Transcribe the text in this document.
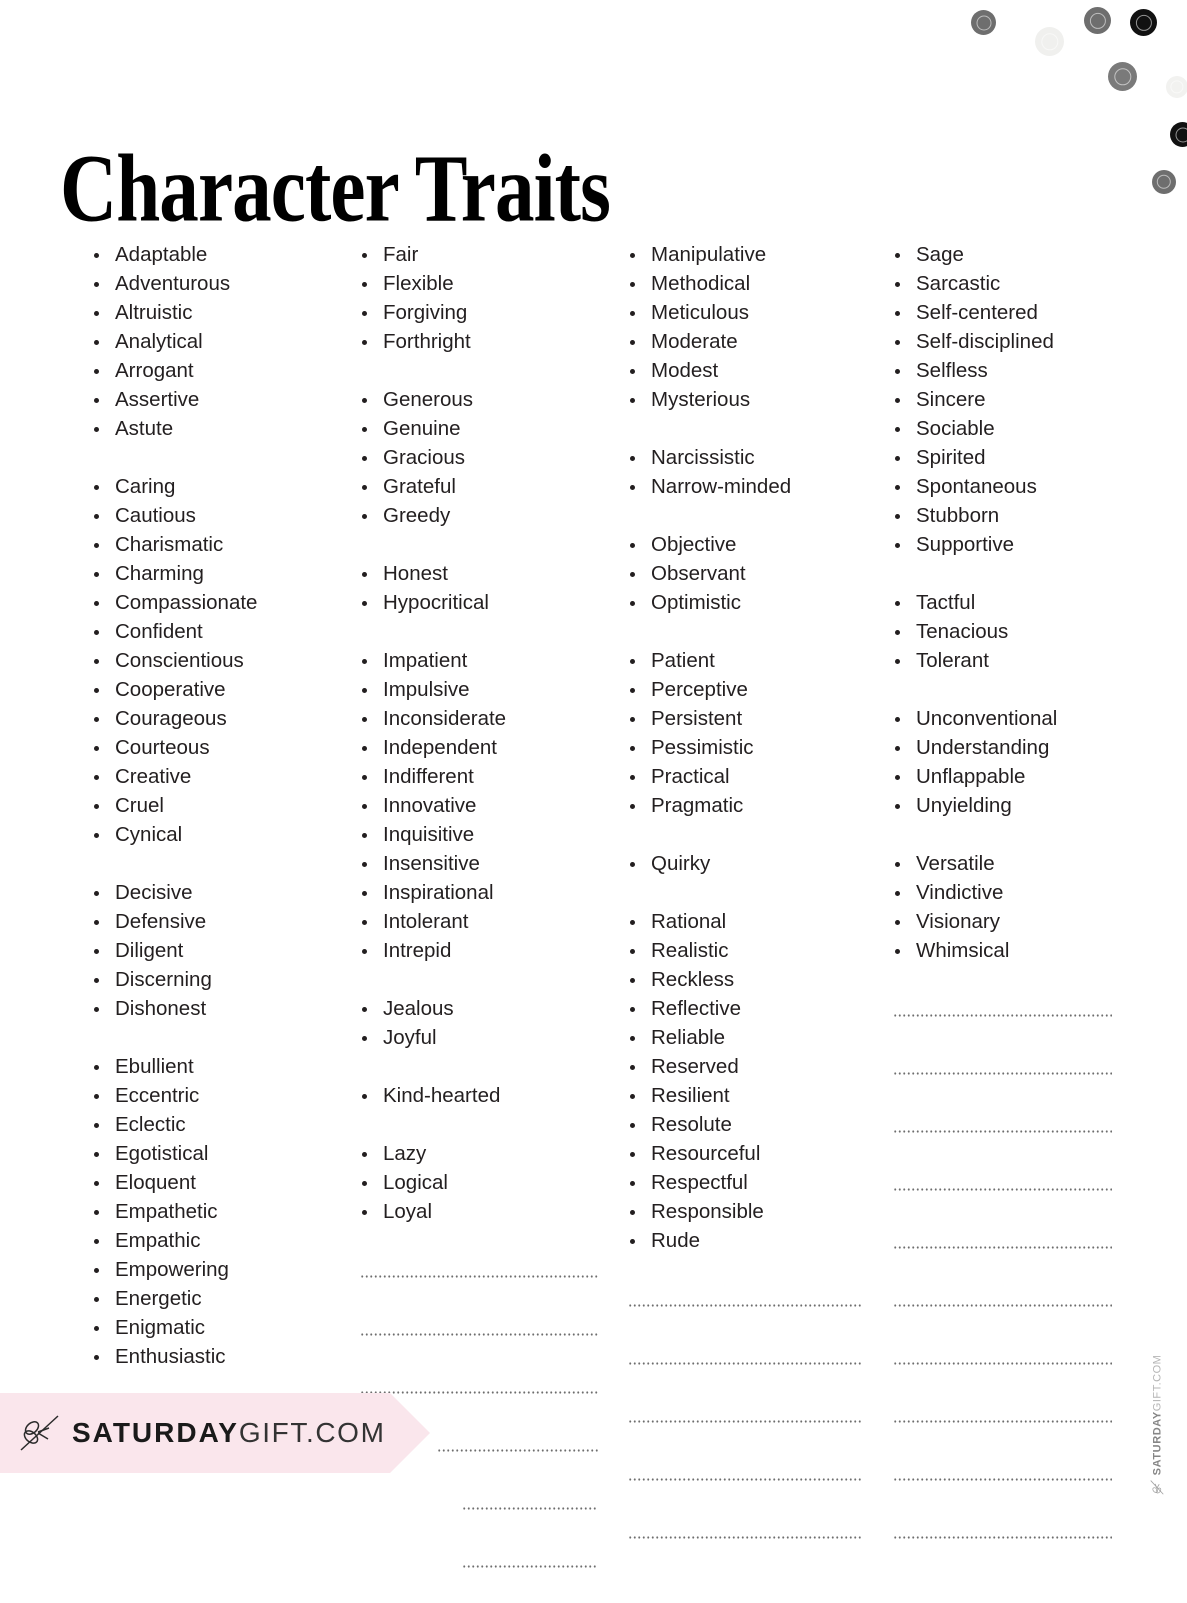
Character Traits
Adaptable
Adventurous
Altruistic
Analytical
Arrogant
Assertive
Astute
Caring
Cautious
Charismatic
Charming
Compassionate
Confident
Conscientious
Cooperative
Courageous
Courteous
Creative
Cruel
Cynical
Decisive
Defensive
Diligent
Discerning
Dishonest
Ebullient
Eccentric
Eclectic
Egotistical
Eloquent
Empathetic
Empathic
Empowering
Energetic
Enigmatic
Enthusiastic
Fair
Flexible
Forgiving
Forthright
Generous
Genuine
Gracious
Grateful
Greedy
Honest
Hypocritical
Impatient
Impulsive
Inconsiderate
Independent
Indifferent
Innovative
Inquisitive
Insensitive
Inspirational
Intolerant
Intrepid
Jealous
Joyful
Kind-hearted
Lazy
Logical
Loyal
Manipulative
Methodical
Meticulous
Moderate
Modest
Mysterious
Narcissistic
Narrow-minded
Objective
Observant
Optimistic
Patient
Perceptive
Persistent
Pessimistic
Practical
Pragmatic
Quirky
Rational
Realistic
Reckless
Reflective
Reliable
Reserved
Resilient
Resolute
Resourceful
Respectful
Responsible
Rude
Sage
Sarcastic
Self-centered
Self-disciplined
Selfless
Sincere
Sociable
Spirited
Spontaneous
Stubborn
Supportive
Tactful
Tenacious
Tolerant
Unconventional
Understanding
Unflappable
Unyielding
Versatile
Vindictive
Visionary
Whimsical
SATURDAY GIFT.COM	SATURDAY
GIFT.COM
